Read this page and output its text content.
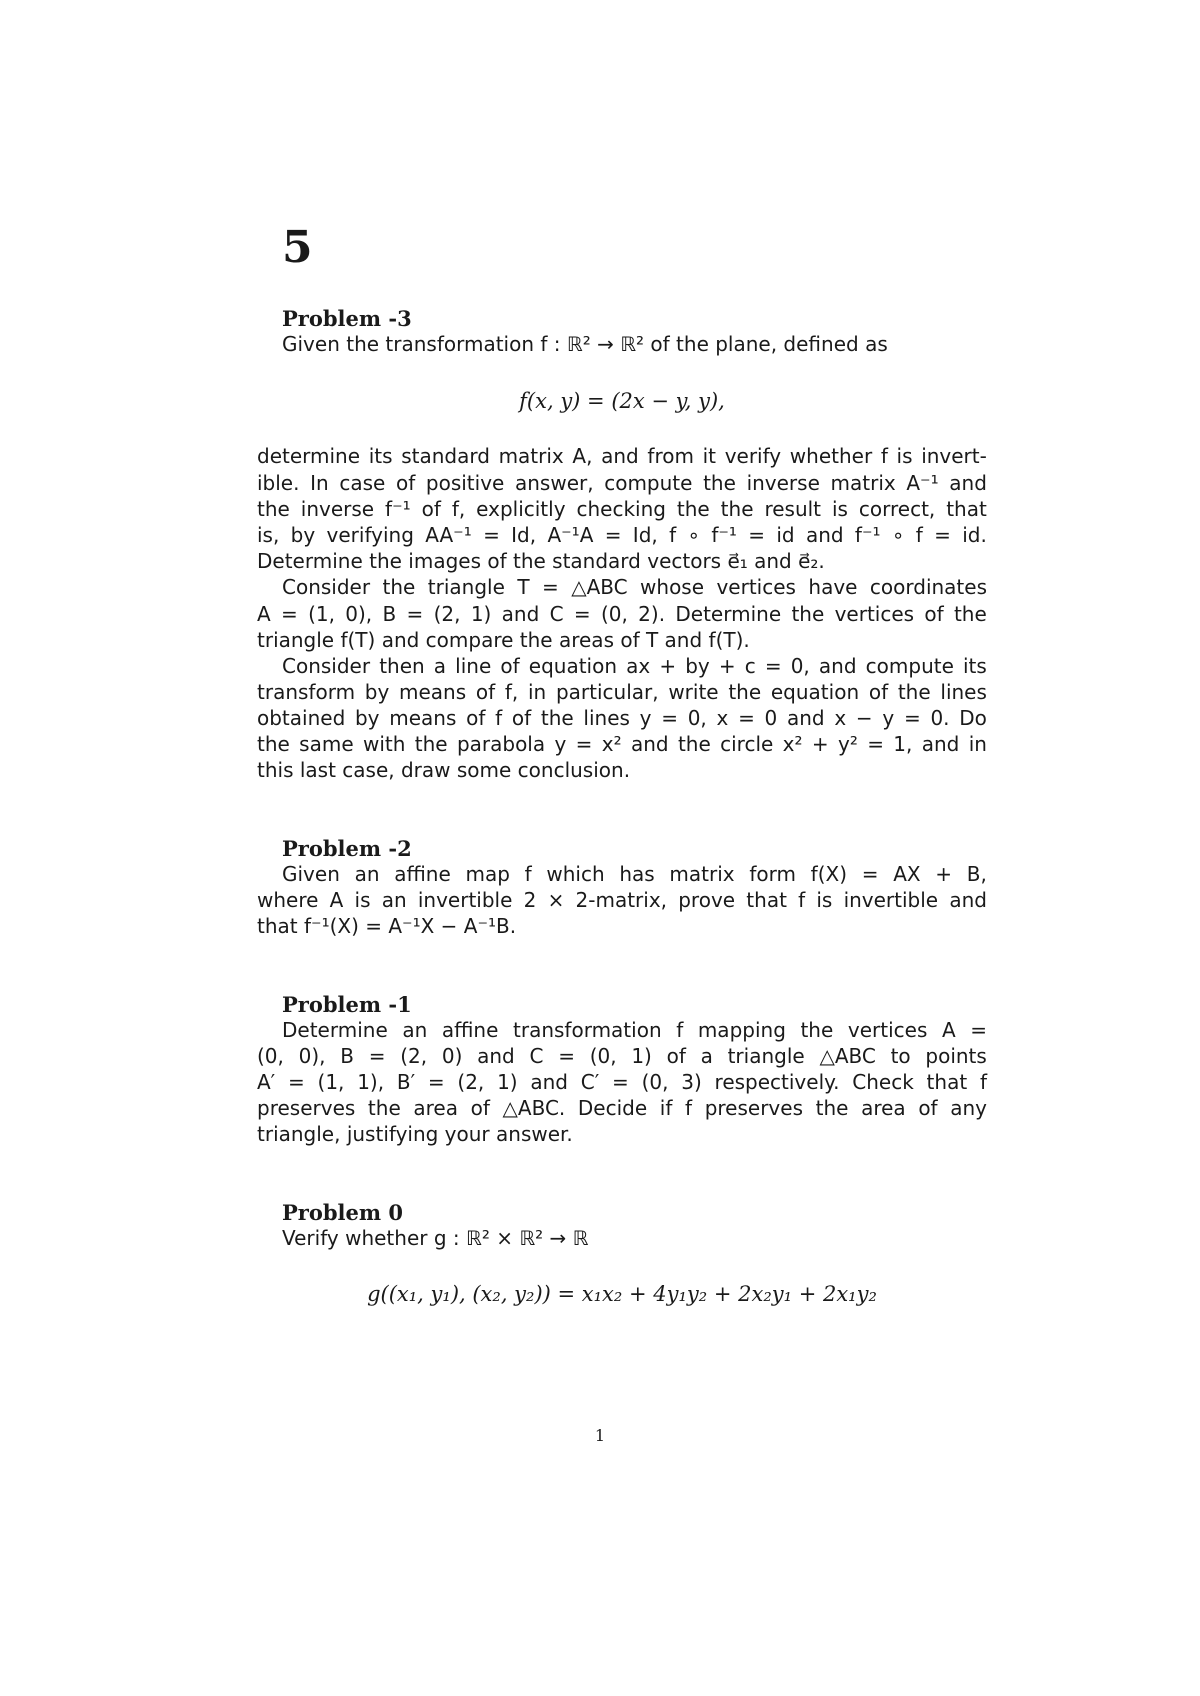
5
Problem -3
Given the transformation f : ℝ² → ℝ² of the plane, defined as
f(x, y) = (2x − y, y),
determine its standard matrix A, and from it verify whether f is invert-
ible. In case of positive answer, compute the inverse matrix A⁻¹ and
the inverse f⁻¹ of f, explicitly checking the the result is correct, that
is, by verifying AA⁻¹ = Id, A⁻¹A = Id, f ∘ f⁻¹ = id and f⁻¹ ∘ f = id.
Determine the images of the standard vectors e⃗₁ and e⃗₂.
Consider the triangle T = △ABC whose vertices have coordinates
A = (1, 0), B = (2, 1) and C = (0, 2). Determine the vertices of the
triangle f(T) and compare the areas of T and f(T).
Consider then a line of equation ax + by + c = 0, and compute its
transform by means of f, in particular, write the equation of the lines
obtained by means of f of the lines y = 0, x = 0 and x − y = 0. Do
the same with the parabola y = x² and the circle x² + y² = 1, and in
this last case, draw some conclusion.
Problem -2
Given an affine map f which has matrix form f(X) = AX + B,
where A is an invertible 2 × 2-matrix, prove that f is invertible and
that f⁻¹(X) = A⁻¹X − A⁻¹B.
Problem -1
Determine an affine transformation f mapping the vertices A =
(0, 0), B = (2, 0) and C = (0, 1) of a triangle △ABC to points
A′ = (1, 1), B′ = (2, 1) and C′ = (0, 3) respectively. Check that f
preserves the area of △ABC. Decide if f preserves the area of any
triangle, justifying your answer.
Problem 0
Verify whether g : ℝ² × ℝ² → ℝ
g((x₁, y₁), (x₂, y₂)) = x₁x₂ + 4y₁y₂ + 2x₂y₁ + 2x₁y₂
1
